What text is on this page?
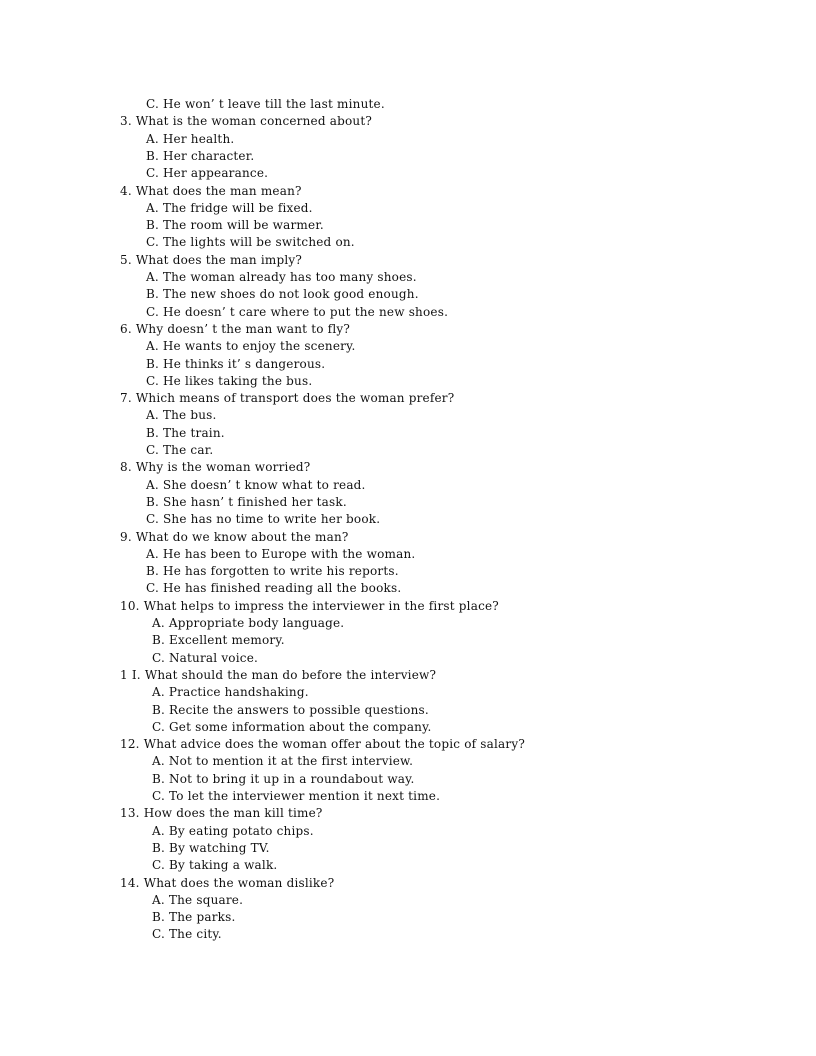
C. He won’ t leave till the last minute.
3. What is the woman concerned about?
A. Her health.
B. Her character.
C. Her appearance.
4. What does the man mean?
A. The fridge will be fixed.
B. The room will be warmer.
C. The lights will be switched on.
5. What does the man imply?
A. The woman already has too many shoes.
B. The new shoes do not look good enough.
C. He doesn’ t care where to put the new shoes.
6. Why doesn’ t the man want to fly?
A. He wants to enjoy the scenery.
B. He thinks it’ s dangerous.
C. He likes taking the bus.
7. Which means of transport does the woman prefer?
A. The bus.
B. The train.
C. The car.
8. Why is the woman worried?
A. She doesn’ t know what to read.
B. She hasn’ t finished her task.
C. She has no time to write her book.
9. What do we know about the man?
A. He has been to Europe with the woman.
B. He has forgotten to write his reports.
C. He has finished reading all the books.
10. What helps to impress the interviewer in the first place?
A. Appropriate body language.
B. Excellent memory.
C. Natural voice.
1 I. What should the man do before the interview?
A. Practice handshaking.
B. Recite the answers to possible questions.
C. Get some information about the company.
12. What advice does the woman offer about the topic of salary?
A. Not to mention it at the first interview.
B. Not to bring it up in a roundabout way.
C. To let the interviewer mention it next time.
13. How does the man kill time?
A. By eating potato chips.
B. By watching TV.
C. By taking a walk.
14. What does the woman dislike?
A. The square.
B. The parks.
C. The city.
